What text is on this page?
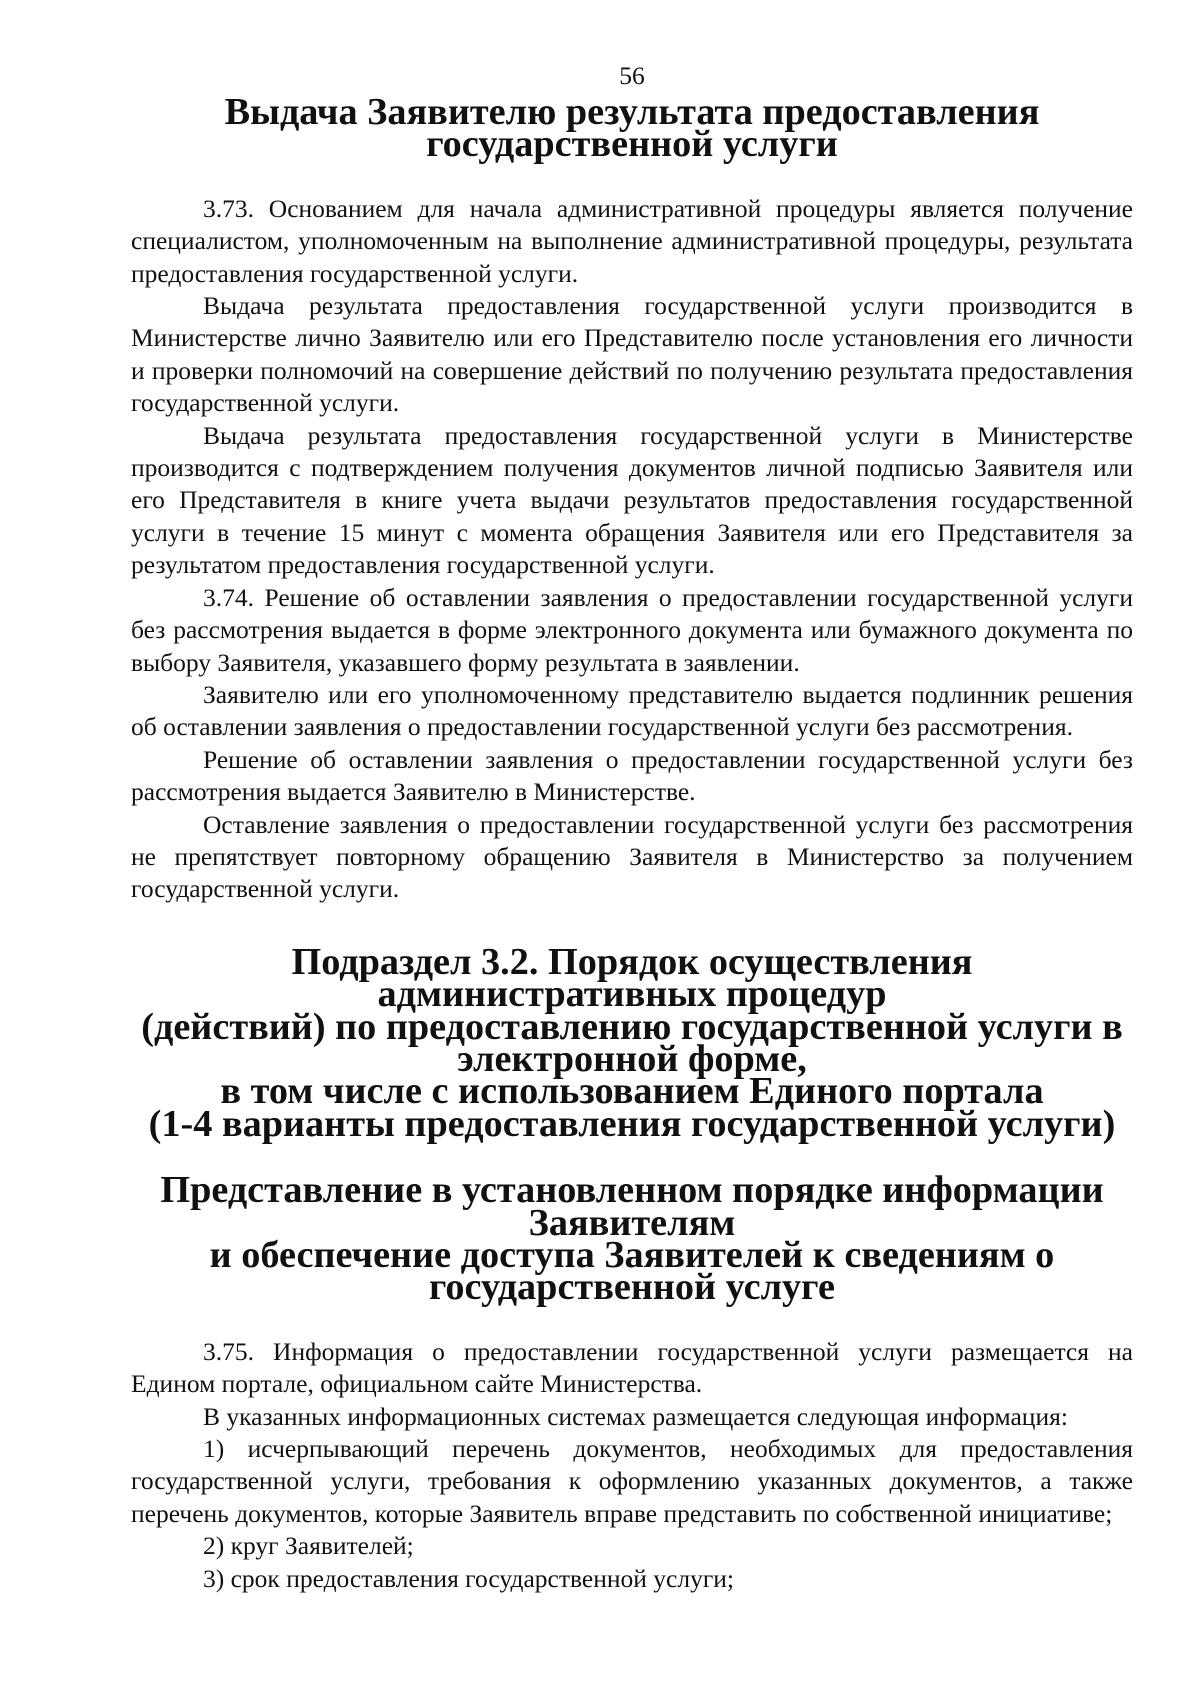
56
Выдача Заявителю результата предоставления государственной услуги

3.73. Основанием для начала административной процедуры является получение специалистом, уполномоченным на выполнение административной процедуры, результата предоставления государственной услуги.

Выдача результата предоставления государственной услуги производится в Министерстве лично Заявителю или его Представителю после установления его личности и проверки полномочий на совершение действий по получению результата предоставления государственной услуги.

Выдача результата предоставления государственной услуги в Министерстве производится с подтверждением получения документов личной подписью Заявителя или его Представителя в книге учета выдачи результатов предоставления государственной услуги в течение 15 минут с момента обращения Заявителя или его Представителя за результатом предоставления государственной услуги.

3.74. Решение об оставлении заявления о предоставлении государственной услуги без рассмотрения выдается в форме электронного документа или бумажного документа по выбору Заявителя, указавшего форму результата в заявлении.

Заявителю или его уполномоченному представителю выдается подлинник решения об оставлении заявления о предоставлении государственной услуги без рассмотрения.

Решение об оставлении заявления о предоставлении государственной услуги без рассмотрения выдается Заявителю в Министерстве.

Оставление заявления о предоставлении государственной услуги без рассмотрения не препятствует повторному обращению Заявителя в Министерство за получением государственной услуги.

Подраздел 3.2. Порядок осуществления административных процедур
(действий) по предоставлению государственной услуги в электронной форме,
в том числе с использованием Единого портала
(1-4 варианты предоставления государственной услуги)
Представление в установленном порядке информации Заявителям
и обеспечение доступа Заявителей к сведениям о государственной услуге

3.75. Информация о предоставлении государственной услуги размещается на Едином портале, официальном сайте Министерства.

В указанных информационных системах размещается следующая информация:

1) исчерпывающий перечень документов, необходимых для предоставления государственной услуги, требования к оформлению указанных документов, а также перечень документов, которые Заявитель вправе представить по собственной инициативе;

2) круг Заявителей;

3) срок предоставления государственной услуги;
